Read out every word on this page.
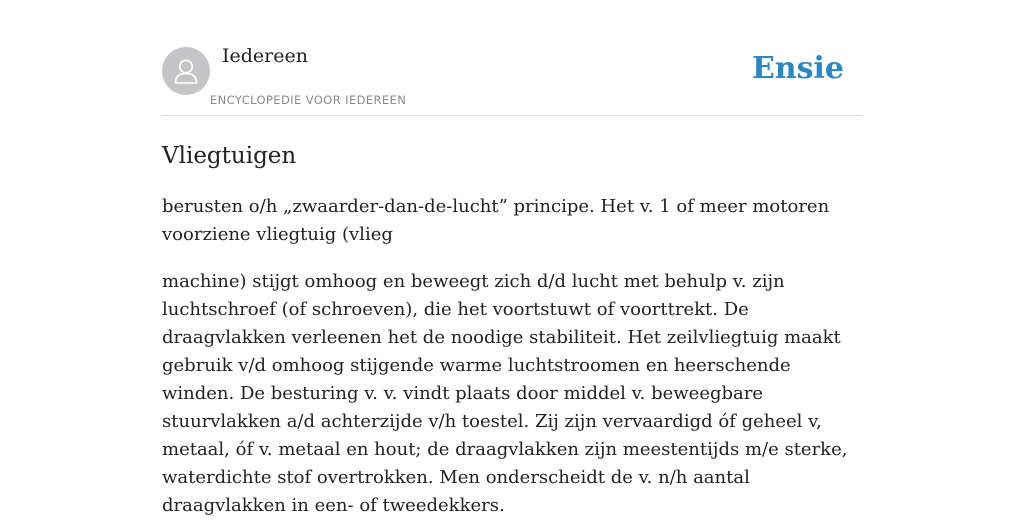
Iedereen
ENCYCLOPEDIE VOOR IEDEREEN
Ensie
Vliegtuigen

berusten o/h „zwaarder-dan-de-lucht” principe. Het v. 1 of meer motoren voorziene vliegtuig (vlieg

machine) stijgt omhoog en beweegt zich d/d lucht met behulp v. zijn luchtschroef (of schroeven), die het voortstuwt of voorttrekt. De draagvlakken verleenen het de noodige stabiliteit. Het zeilvliegtuig maakt gebruik v/d omhoog stijgende warme luchtstroomen en heerschende winden. De besturing v. v. vindt plaats door middel v. beweegbare stuurvlakken a/d achterzijde v/h toestel. Zij zijn vervaardigd óf geheel v, metaal, óf v. metaal en hout; de draagvlakken zijn meestentijds m/e sterke, waterdichte stof overtrokken. Men onderscheidt de v. n/h aantal draagvlakken in een- of tweedekkers.
